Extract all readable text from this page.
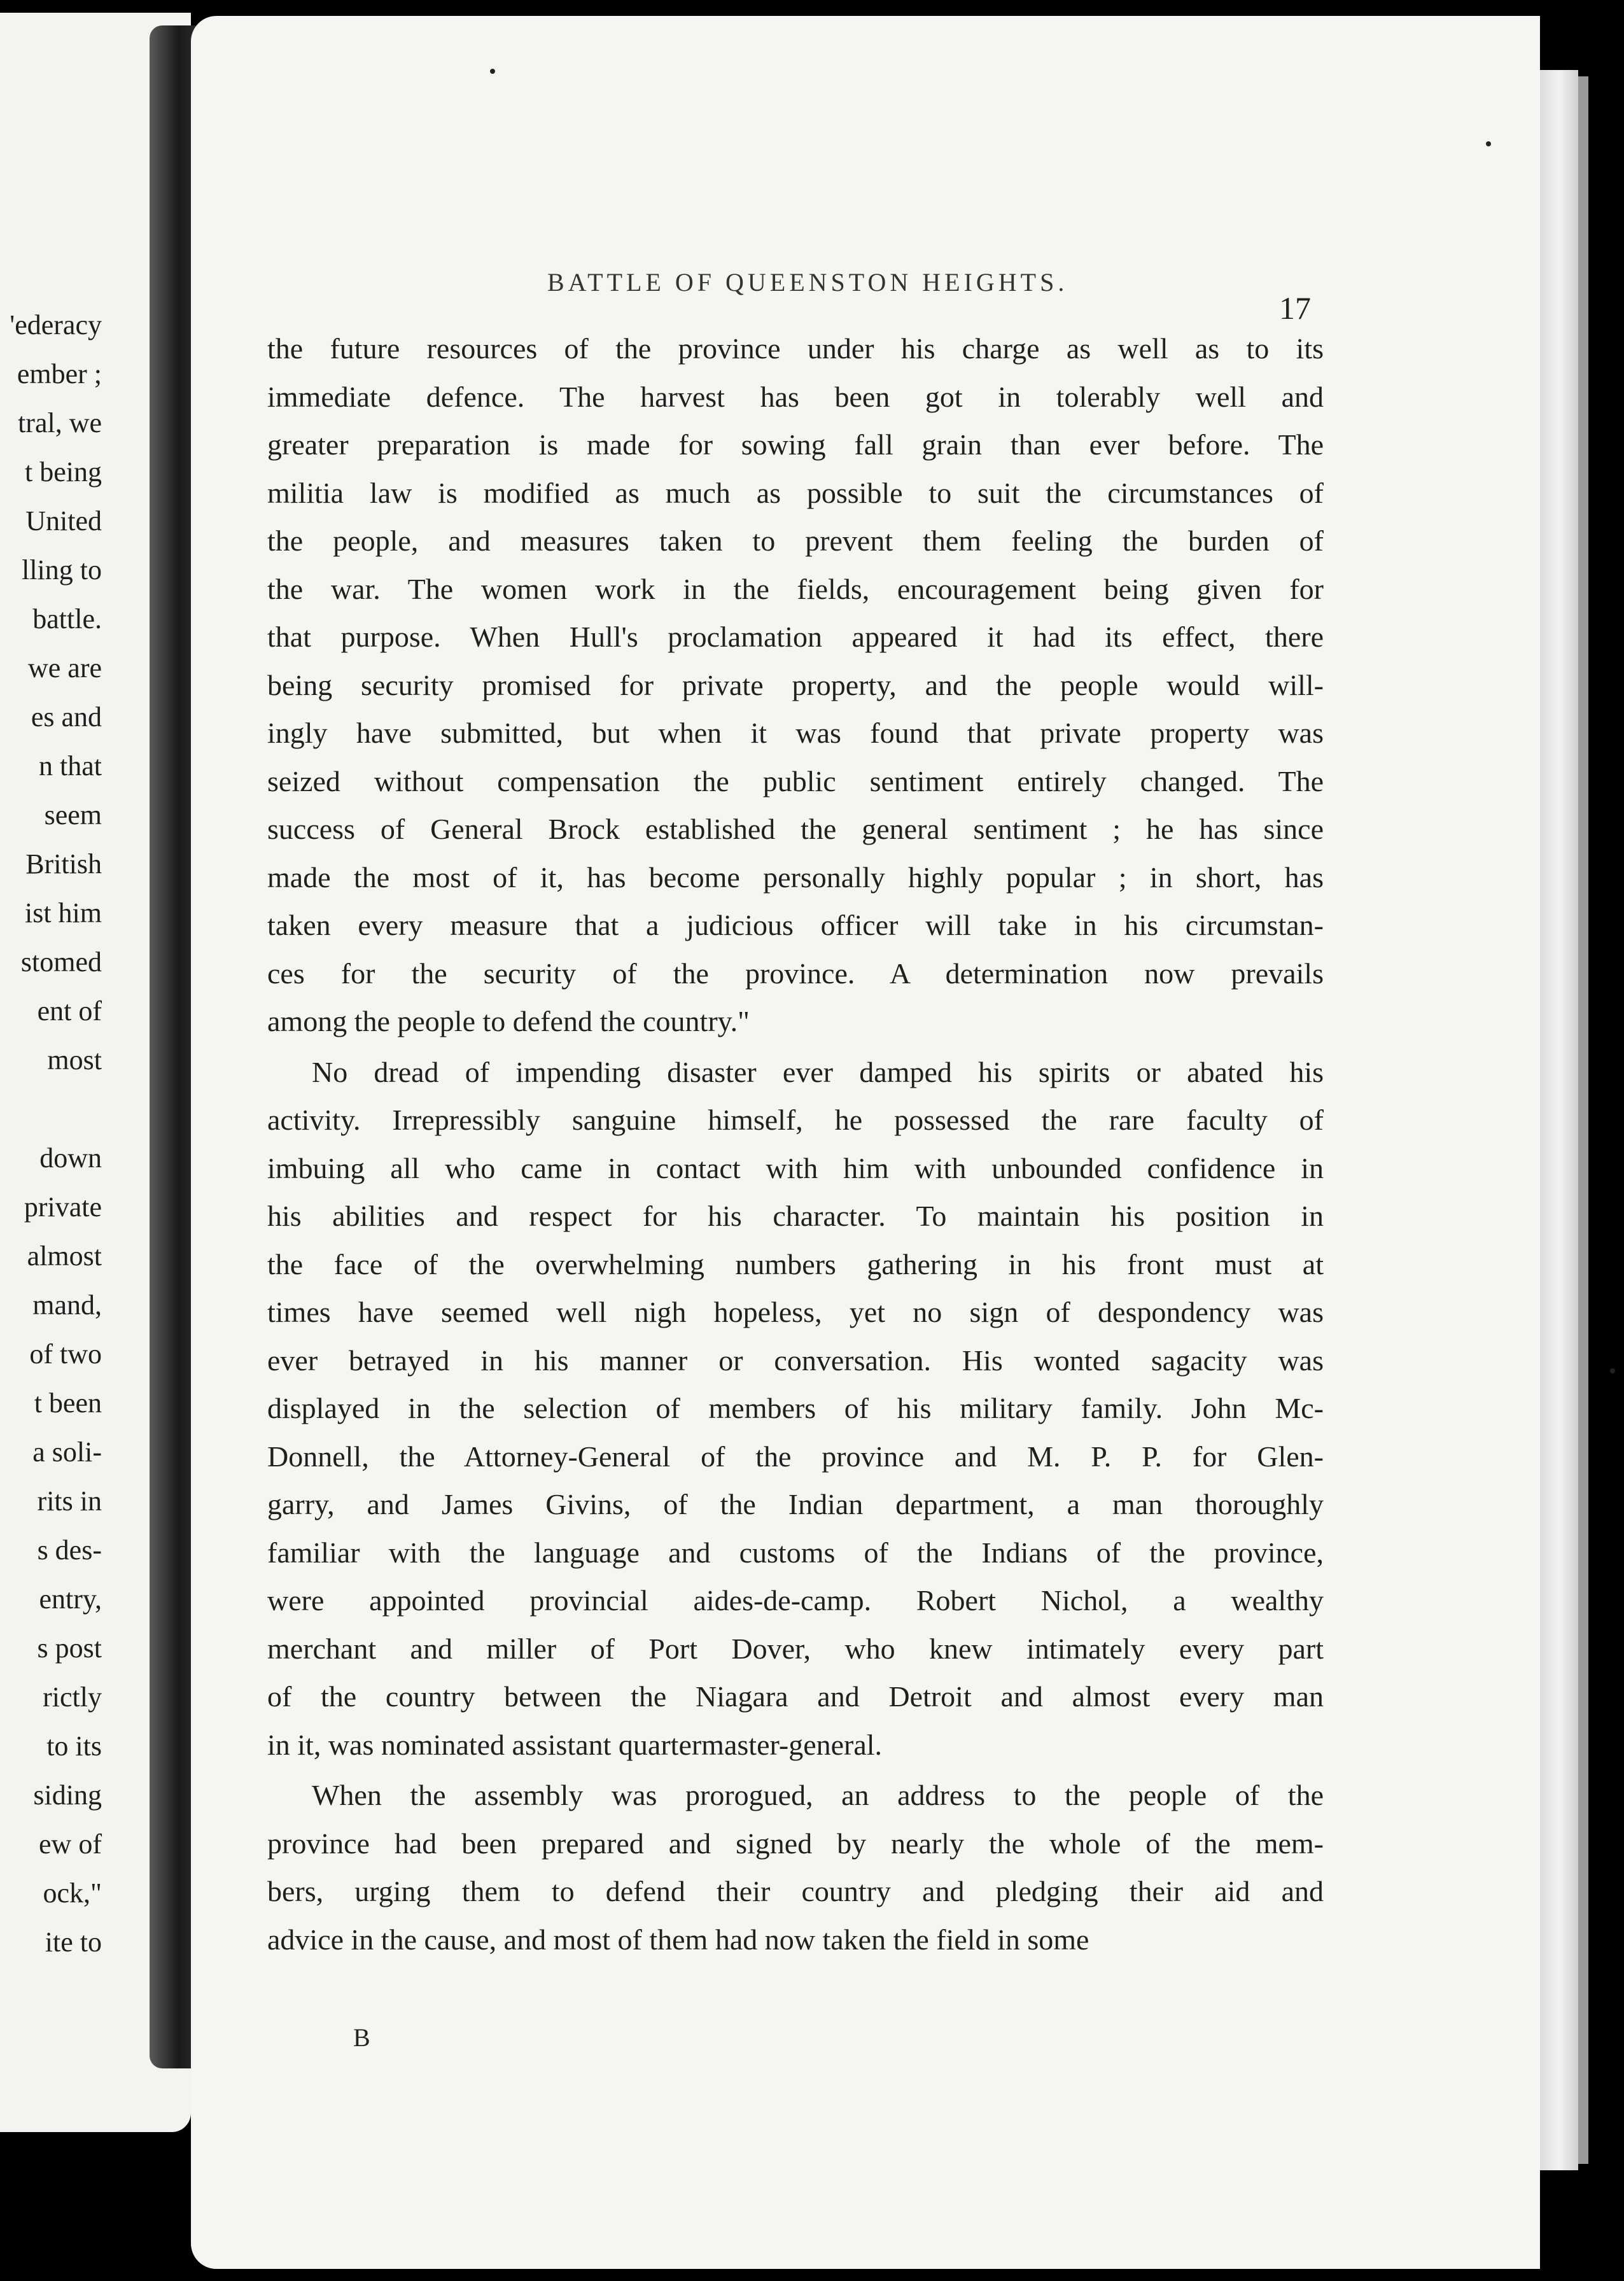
'ederacy
ember ;
tral, we
t being
United
lling to
battle.
we are
es and
n that
seem
British
ist him
stomed
ent of
most
down
private
almost
mand,
of two
t been
a soli-
rits in
s des-
entry,
s post
rictly
to its
siding
ew of
ock,"
ite to
BATTLE OF QUEENSTON HEIGHTS.
17
the future resources of the province under his charge as well as to its
immediate defence. The harvest has been got in tolerably well and
greater preparation is made for sowing fall grain than ever before. The
militia law is modified as much as possible to suit the circumstances of
the people, and measures taken to prevent them feeling the burden of
the war. The women work in the fields, encouragement being given for
that purpose. When Hull's proclamation appeared it had its effect, there
being security promised for private property, and the people would will-
ingly have submitted, but when it was found that private property was
seized without compensation the public sentiment entirely changed. The
success of General Brock established the general sentiment ; he has since
made the most of it, has become personally highly popular ; in short, has
taken every measure that a judicious officer will take in his circumstan-
ces for the security of the province. A determination now prevails
among the people to defend the country."
No dread of impending disaster ever damped his spirits or abated his
activity. Irrepressibly sanguine himself, he possessed the rare faculty of
imbuing all who came in contact with him with unbounded confidence in
his abilities and respect for his character. To maintain his position in
the face of the overwhelming numbers gathering in his front must at
times have seemed well nigh hopeless, yet no sign of despondency was
ever betrayed in his manner or conversation. His wonted sagacity was
displayed in the selection of members of his military family. John Mc-
Donnell, the Attorney-General of the province and M. P. P. for Glen-
garry, and James Givins, of the Indian department, a man thoroughly
familiar with the language and customs of the Indians of the province,
were appointed provincial aides-de-camp. Robert Nichol, a wealthy
merchant and miller of Port Dover, who knew intimately every part
of the country between the Niagara and Detroit and almost every man
in it, was nominated assistant quartermaster-general.
When the assembly was prorogued, an address to the people of the
province had been prepared and signed by nearly the whole of the mem-
bers, urging them to defend their country and pledging their aid and
advice in the cause, and most of them had now taken the field in some
B
